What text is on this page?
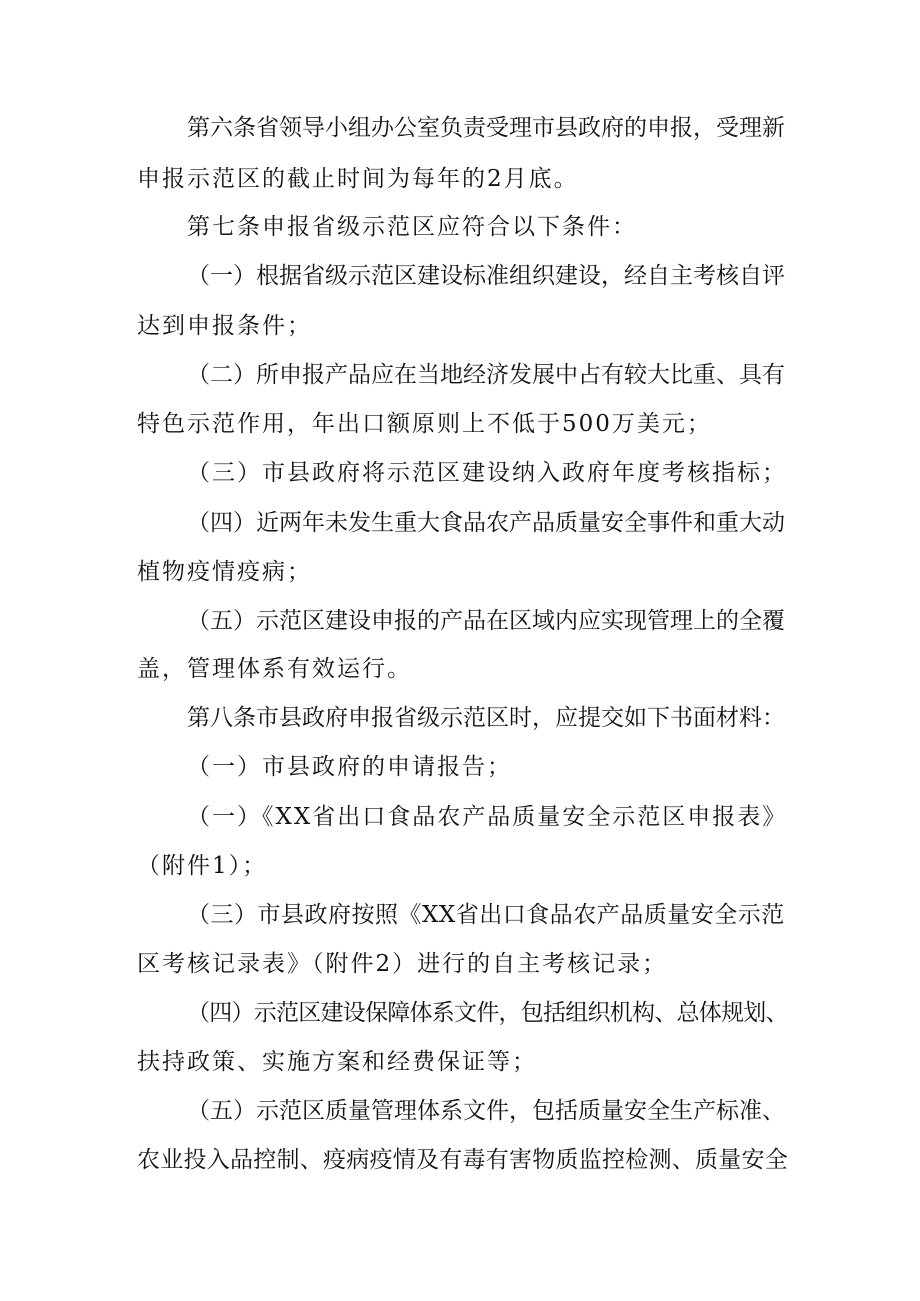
第六条省领导小组办公室负责受理市县政府的申报，受理新
申报示范区的截止时间为每年的2月底。
第七条申报省级示范区应符合以下条件：
（一）根据省级示范区建设标准组织建设，经自主考核自评
达到申报条件；
（二）所申报产品应在当地经济发展中占有较大比重、具有
特色示范作用，年出口额原则上不低于500万美元；
（三）市县政府将示范区建设纳入政府年度考核指标；
（四）近两年未发生重大食品农产品质量安全事件和重大动
植物疫情疫病；
（五）示范区建设申报的产品在区域内应实现管理上的全覆
盖，管理体系有效运行。
第八条市县政府申报省级示范区时，应提交如下书面材料：
（一）市县政府的申请报告；
（一）《XX省出口食品农产品质量安全示范区申报表》
（附件1）；
（三）市县政府按照《XX省出口食品农产品质量安全示范
区考核记录表》（附件2）进行的自主考核记录；
（四）示范区建设保障体系文件，包括组织机构、总体规划、
扶持政策、实施方案和经费保证等；
（五）示范区质量管理体系文件，包括质量安全生产标准、
农业投入品控制、疫病疫情及有毒有害物质监控检测、质量安全
